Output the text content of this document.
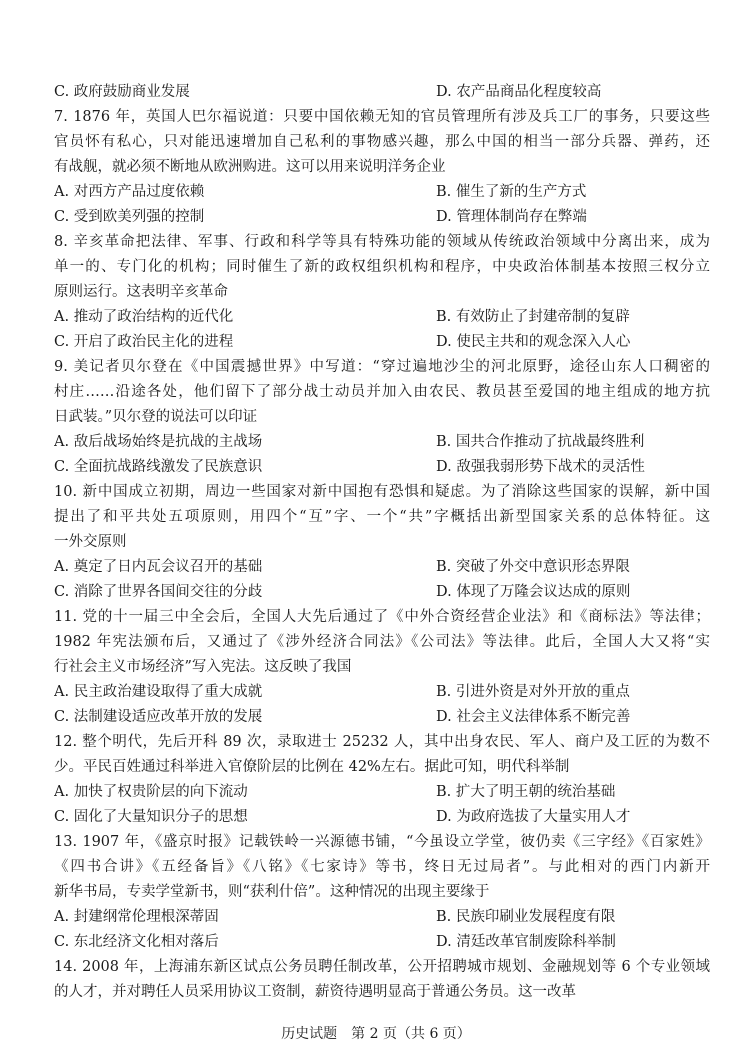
C. 政府鼓励商业发展	D. 农产品商品化程度较高
7. 1876 年，英国人巴尔福说道：只要中国依赖无知的官员管理所有涉及兵工厂的事务，只要这些
官员怀有私心，只对能迅速增加自己私利的事物感兴趣，那么中国的相当一部分兵器、弹药，还
有战舰，就必须不断地从欧洲购进。这可以用来说明洋务企业
A. 对西方产品过度依赖	B. 催生了新的生产方式
C. 受到欧美列强的控制	D. 管理体制尚存在弊端
8. 辛亥革命把法律、军事、行政和科学等具有特殊功能的领域从传统政治领域中分离出来，成为
单一的、专门化的机构；同时催生了新的政权组织机构和程序，中央政治体制基本按照三权分立
原则运行。这表明辛亥革命
A. 推动了政治结构的近代化	B. 有效防止了封建帝制的复辟
C. 开启了政治民主化的进程	D. 使民主共和的观念深入人心
9. 美记者贝尔登在《中国震撼世界》中写道：“穿过遍地沙尘的河北原野，途径山东人口稠密的
村庄……沿途各处，他们留下了部分战士动员并加入由农民、教员甚至爱国的地主组成的地方抗
日武装。”贝尔登的说法可以印证
A. 敌后战场始终是抗战的主战场	B. 国共合作推动了抗战最终胜利
C. 全面抗战路线激发了民族意识	D. 敌强我弱形势下战术的灵活性
10. 新中国成立初期，周边一些国家对新中国抱有恐惧和疑虑。为了消除这些国家的误解，新中国
提出了和平共处五项原则，用四个“互”字、一个“共”字概括出新型国家关系的总体特征。这
一外交原则
A. 奠定了日内瓦会议召开的基础	B. 突破了外交中意识形态界限
C. 消除了世界各国间交往的分歧	D. 体现了万隆会议达成的原则
11. 党的十一届三中全会后，全国人大先后通过了《中外合资经营企业法》和《商标法》等法律；
1982 年宪法颁布后，又通过了《涉外经济合同法》《公司法》等法律。此后，全国人大又将“实
行社会主义市场经济”写入宪法。这反映了我国
A. 民主政治建设取得了重大成就	B. 引进外资是对外开放的重点
C. 法制建设适应改革开放的发展	D. 社会主义法律体系不断完善
12. 整个明代，先后开科 89 次，录取进士 25232 人，其中出身农民、军人、商户及工匠的为数不
少。平民百姓通过科举进入官僚阶层的比例在 42%左右。据此可知，明代科举制
A. 加快了权贵阶层的向下流动	B. 扩大了明王朝的统治基础
C. 固化了大量知识分子的思想	D. 为政府选拔了大量实用人才
13. 1907 年，《盛京时报》记载铁岭一兴源德书铺，“今虽设立学堂，彼仍卖《三字经》《百家姓》
《四书合讲》《五经备旨》《八铭》《七家诗》等书，终日无过局者”。与此相对的西门内新开
新华书局，专卖学堂新书，则“获利什倍”。这种情况的出现主要缘于
A. 封建纲常伦理根深蒂固	B. 民族印刷业发展程度有限
C. 东北经济文化相对落后	D. 清廷改革官制废除科举制
14. 2008 年，上海浦东新区试点公务员聘任制改革，公开招聘城市规划、金融规划等 6 个专业领域
的人才，并对聘任人员采用协议工资制，薪资待遇明显高于普通公务员。这一改革
历史试题　第 2 页（共 6 页）
